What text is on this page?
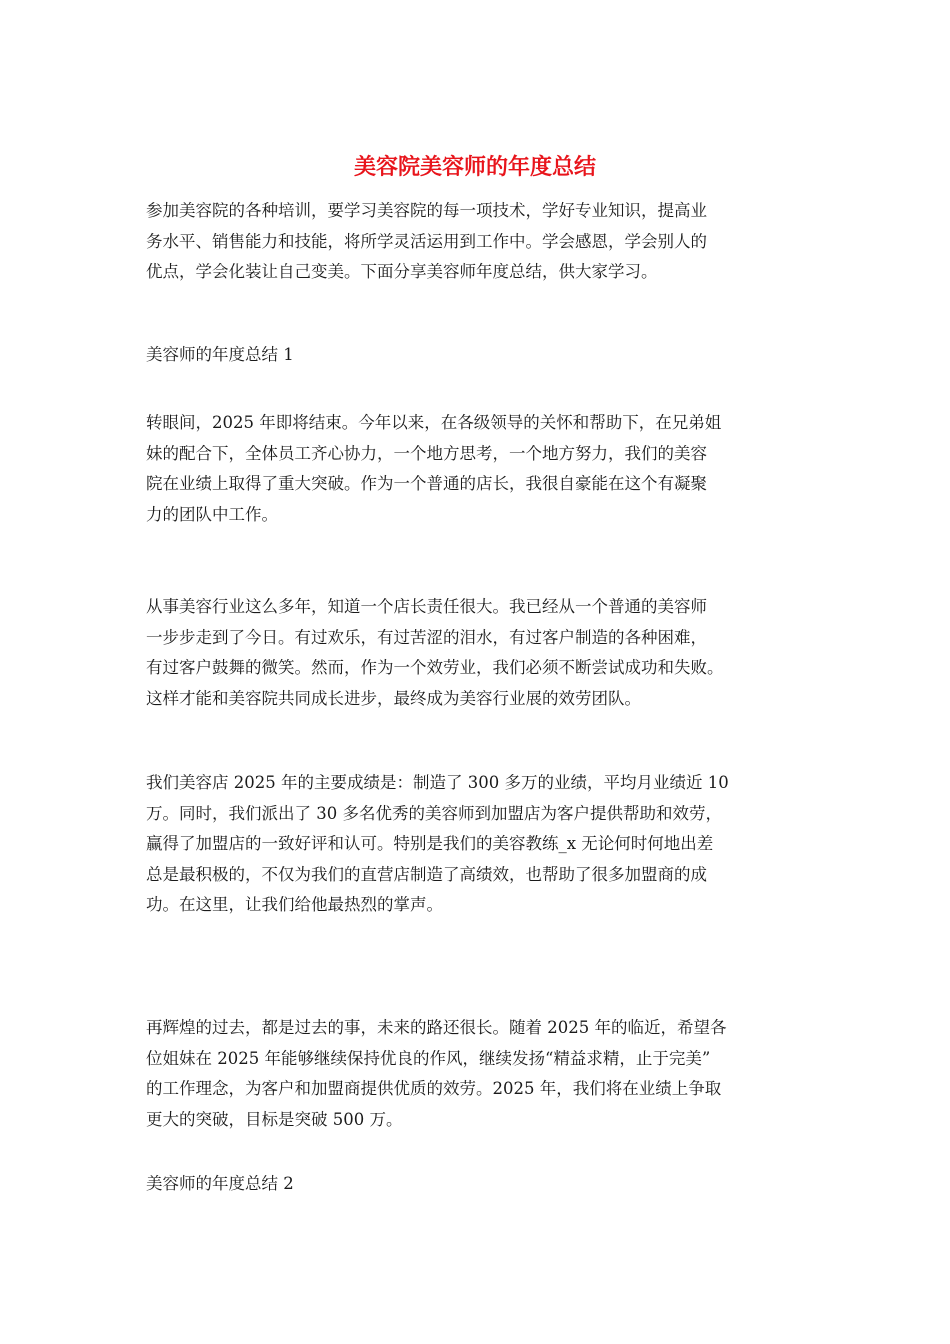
美容院美容师的年度总结

参加美容院的各种培训，要学习美容院的每一项技术，学好专业知识，提高业
务水平、销售能力和技能，将所学灵活运用到工作中。学会感恩，学会别人的
优点，学会化装让自己变美。下面分享美容师年度总结，供大家学习。

美容师的年度总结 1

转眼间，2025 年即将结束。今年以来，在各级领导的关怀和帮助下，在兄弟姐
妹的配合下，全体员工齐心协力，一个地方思考，一个地方努力，我们的美容
院在业绩上取得了重大突破。作为一个普通的店长，我很自豪能在这个有凝聚
力的团队中工作。

从事美容行业这么多年，知道一个店长责任很大。我已经从一个普通的美容师
一步步走到了今日。有过欢乐，有过苦涩的泪水，有过客户制造的各种困难，
有过客户鼓舞的微笑。然而，作为一个效劳业，我们必须不断尝试成功和失败。
这样才能和美容院共同成长进步，最终成为美容行业展的效劳团队。

我们美容店 2025 年的主要成绩是：制造了 300 多万的业绩，平均月业绩近 10
万。同时，我们派出了 30 多名优秀的美容师到加盟店为客户提供帮助和效劳，
赢得了加盟店的一致好评和认可。特别是我们的美容教练_x 无论何时何地出差
总是最积极的，不仅为我们的直营店制造了高绩效，也帮助了很多加盟商的成
功。在这里，让我们给他最热烈的掌声。

再辉煌的过去，都是过去的事，未来的路还很长。随着 2025 年的临近，希望各
位姐妹在 2025 年能够继续保持优良的作风，继续发扬“精益求精，止于完美”
的工作理念，为客户和加盟商提供优质的效劳。2025 年，我们将在业绩上争取
更大的突破，目标是突破 500 万。

美容师的年度总结 2
